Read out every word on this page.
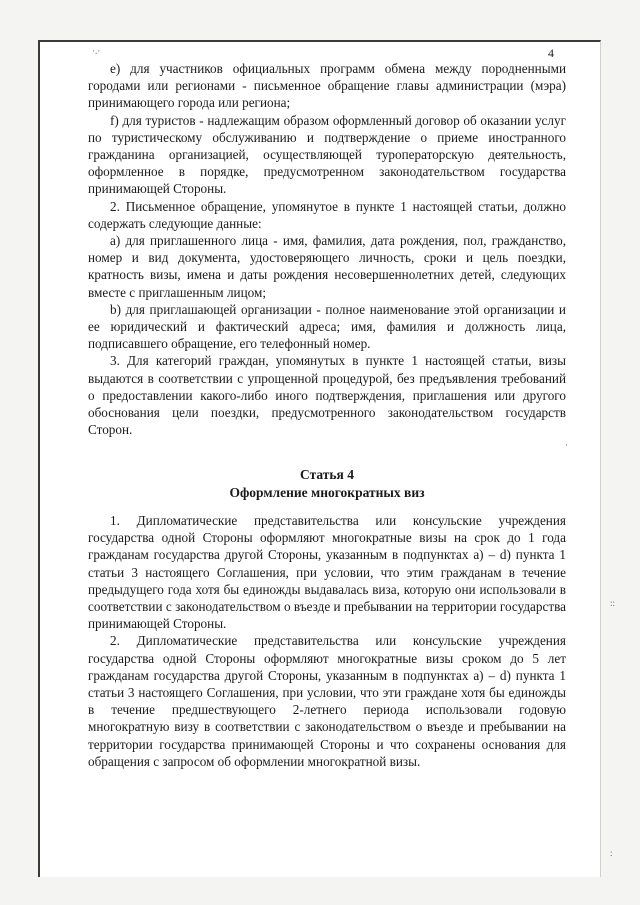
·.·
·
::
:
4

e) для участников официальных программ обмена между породненными городами или регионами - письменное обращение главы администрации (мэра) принимающего города или региона;

f) для туристов - надлежащим образом оформленный договор об оказании услуг по туристическому обслуживанию и подтверждение о приеме иностранного гражданина организацией, осуществляющей туроператорскую деятельность, оформленное в порядке, предусмотренном законодательством государства принимающей Стороны.

2. Письменное обращение, упомянутое в пункте 1 настоящей статьи, должно содержать следующие данные:

a) для приглашенного лица - имя, фамилия, дата рождения, пол, гражданство, номер и вид документа, удостоверяющего личность, сроки и цель поездки, кратность визы, имена и даты рождения несовершеннолетних детей, следующих вместе с приглашенным лицом;

b) для приглашающей организации - полное наименование этой организации и ее юридический и фактический адреса; имя, фамилия и должность лица, подписавшего обращение, его телефонный номер.

3. Для категорий граждан, упомянутых в пункте 1 настоящей статьи, визы выдаются в соответствии с упрощенной процедурой, без предъявления требований о предоставлении какого-либо иного подтверждения, приглашения или другого обоснования цели поездки, предусмотренного законодательством государств Сторон.

Статья 4
Оформление многократных виз

1. Дипломатические представительства или консульские учреждения государства одной Стороны оформляют многократные визы на срок до 1 года гражданам государства другой Стороны, указанным в подпунктах а) – d) пункта 1 статьи 3 настоящего Соглашения, при условии, что этим гражданам в течение предыдущего года хотя бы единожды выдавалась виза, которую они использовали в соответствии с законодательством о въезде и пребывании на территории государства принимающей Стороны.

2. Дипломатические представительства или консульские учреждения государства одной Стороны оформляют многократные визы сроком до 5 лет гражданам государства другой Стороны, указанным в подпунктах а) – d) пункта 1 статьи 3 настоящего Соглашения, при условии, что эти граждане хотя бы единожды в течение предшествующего 2-летнего периода использовали годовую многократную визу в соответствии с законодательством о въезде и пребывании на территории государства принимающей Стороны и что сохранены основания для обращения с запросом об оформлении многократной визы.
